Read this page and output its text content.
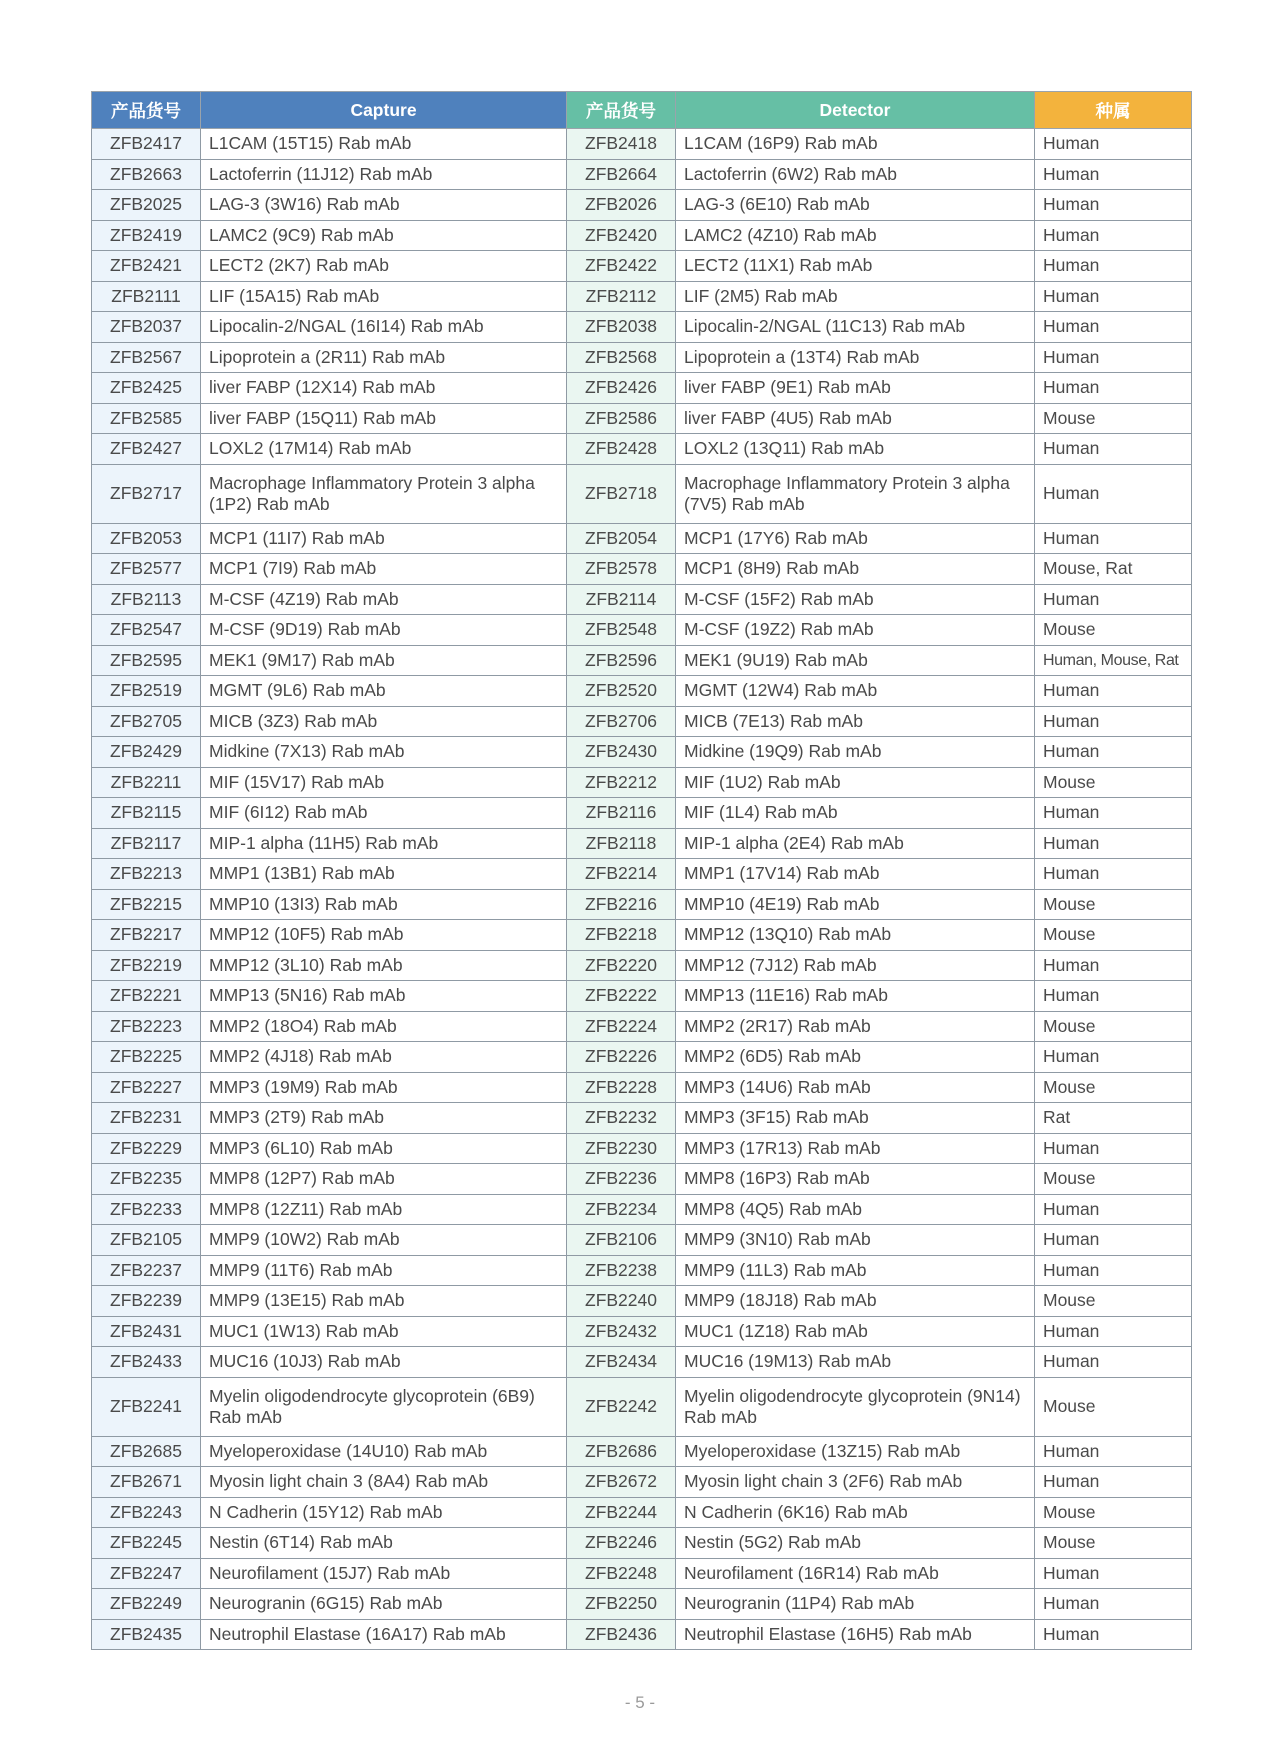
产品货号	Capture	产品货号	Detector	种属
ZFB2417	L1CAM (15T15) Rab mAb	ZFB2418	L1CAM (16P9) Rab mAb	Human
ZFB2663	Lactoferrin (11J12) Rab mAb	ZFB2664	Lactoferrin (6W2) Rab mAb	Human
ZFB2025	LAG-3 (3W16) Rab mAb	ZFB2026	LAG-3 (6E10) Rab mAb	Human
ZFB2419	LAMC2 (9C9) Rab mAb	ZFB2420	LAMC2 (4Z10) Rab mAb	Human
ZFB2421	LECT2 (2K7) Rab mAb	ZFB2422	LECT2 (11X1) Rab mAb	Human
ZFB2111	LIF (15A15) Rab mAb	ZFB2112	LIF (2M5) Rab mAb	Human
ZFB2037	Lipocalin-2/NGAL (16I14) Rab mAb	ZFB2038	Lipocalin-2/NGAL (11C13) Rab mAb	Human
ZFB2567	Lipoprotein a (2R11) Rab mAb	ZFB2568	Lipoprotein a (13T4) Rab mAb	Human
ZFB2425	liver FABP (12X14) Rab mAb	ZFB2426	liver FABP (9E1) Rab mAb	Human
ZFB2585	liver FABP (15Q11) Rab mAb	ZFB2586	liver FABP (4U5) Rab mAb	Mouse
ZFB2427	LOXL2 (17M14) Rab mAb	ZFB2428	LOXL2 (13Q11) Rab mAb	Human
ZFB2717	Macrophage Inflammatory Protein 3 alpha (1P2) Rab mAb	ZFB2718	Macrophage Inflammatory Protein 3 alpha (7V5) Rab mAb	Human
ZFB2053	MCP1 (11I7) Rab mAb	ZFB2054	MCP1 (17Y6) Rab mAb	Human
ZFB2577	MCP1 (7I9) Rab mAb	ZFB2578	MCP1 (8H9) Rab mAb	Mouse, Rat
ZFB2113	M-CSF (4Z19) Rab mAb	ZFB2114	M-CSF (15F2) Rab mAb	Human
ZFB2547	M-CSF (9D19) Rab mAb	ZFB2548	M-CSF (19Z2) Rab mAb	Mouse
ZFB2595	MEK1 (9M17) Rab mAb	ZFB2596	MEK1 (9U19) Rab mAb	Human, Mouse, Rat
ZFB2519	MGMT (9L6) Rab mAb	ZFB2520	MGMT (12W4) Rab mAb	Human
ZFB2705	MICB (3Z3) Rab mAb	ZFB2706	MICB (7E13) Rab mAb	Human
ZFB2429	Midkine (7X13) Rab mAb	ZFB2430	Midkine (19Q9) Rab mAb	Human
ZFB2211	MIF (15V17) Rab mAb	ZFB2212	MIF (1U2) Rab mAb	Mouse
ZFB2115	MIF (6I12) Rab mAb	ZFB2116	MIF (1L4) Rab mAb	Human
ZFB2117	MIP-1 alpha (11H5) Rab mAb	ZFB2118	MIP-1 alpha (2E4) Rab mAb	Human
ZFB2213	MMP1 (13B1) Rab mAb	ZFB2214	MMP1 (17V14) Rab mAb	Human
ZFB2215	MMP10 (13I3) Rab mAb	ZFB2216	MMP10 (4E19) Rab mAb	Mouse
ZFB2217	MMP12 (10F5) Rab mAb	ZFB2218	MMP12 (13Q10) Rab mAb	Mouse
ZFB2219	MMP12 (3L10) Rab mAb	ZFB2220	MMP12 (7J12) Rab mAb	Human
ZFB2221	MMP13 (5N16) Rab mAb	ZFB2222	MMP13 (11E16) Rab mAb	Human
ZFB2223	MMP2 (18O4) Rab mAb	ZFB2224	MMP2 (2R17) Rab mAb	Mouse
ZFB2225	MMP2 (4J18) Rab mAb	ZFB2226	MMP2 (6D5) Rab mAb	Human
ZFB2227	MMP3 (19M9) Rab mAb	ZFB2228	MMP3 (14U6) Rab mAb	Mouse
ZFB2231	MMP3 (2T9) Rab mAb	ZFB2232	MMP3 (3F15) Rab mAb	Rat
ZFB2229	MMP3 (6L10) Rab mAb	ZFB2230	MMP3 (17R13) Rab mAb	Human
ZFB2235	MMP8 (12P7) Rab mAb	ZFB2236	MMP8 (16P3) Rab mAb	Mouse
ZFB2233	MMP8 (12Z11) Rab mAb	ZFB2234	MMP8 (4Q5) Rab mAb	Human
ZFB2105	MMP9 (10W2) Rab mAb	ZFB2106	MMP9 (3N10) Rab mAb	Human
ZFB2237	MMP9 (11T6) Rab mAb	ZFB2238	MMP9 (11L3) Rab mAb	Human
ZFB2239	MMP9 (13E15) Rab mAb	ZFB2240	MMP9 (18J18) Rab mAb	Mouse
ZFB2431	MUC1 (1W13) Rab mAb	ZFB2432	MUC1 (1Z18) Rab mAb	Human
ZFB2433	MUC16 (10J3) Rab mAb	ZFB2434	MUC16 (19M13) Rab mAb	Human
ZFB2241	Myelin oligodendrocyte glycoprotein (6B9) Rab mAb	ZFB2242	Myelin oligodendrocyte glycoprotein (9N14) Rab mAb	Mouse
ZFB2685	Myeloperoxidase (14U10) Rab mAb	ZFB2686	Myeloperoxidase (13Z15) Rab mAb	Human
ZFB2671	Myosin light chain 3 (8A4) Rab mAb	ZFB2672	Myosin light chain 3 (2F6) Rab mAb	Human
ZFB2243	N Cadherin (15Y12) Rab mAb	ZFB2244	N Cadherin (6K16) Rab mAb	Mouse
ZFB2245	Nestin (6T14) Rab mAb	ZFB2246	Nestin (5G2) Rab mAb	Mouse
ZFB2247	Neurofilament (15J7) Rab mAb	ZFB2248	Neurofilament (16R14) Rab mAb	Human
ZFB2249	Neurogranin (6G15) Rab mAb	ZFB2250	Neurogranin (11P4) Rab mAb	Human
ZFB2435	Neutrophil Elastase (16A17) Rab mAb	ZFB2436	Neutrophil Elastase (16H5) Rab mAb	Human
- 5 -
